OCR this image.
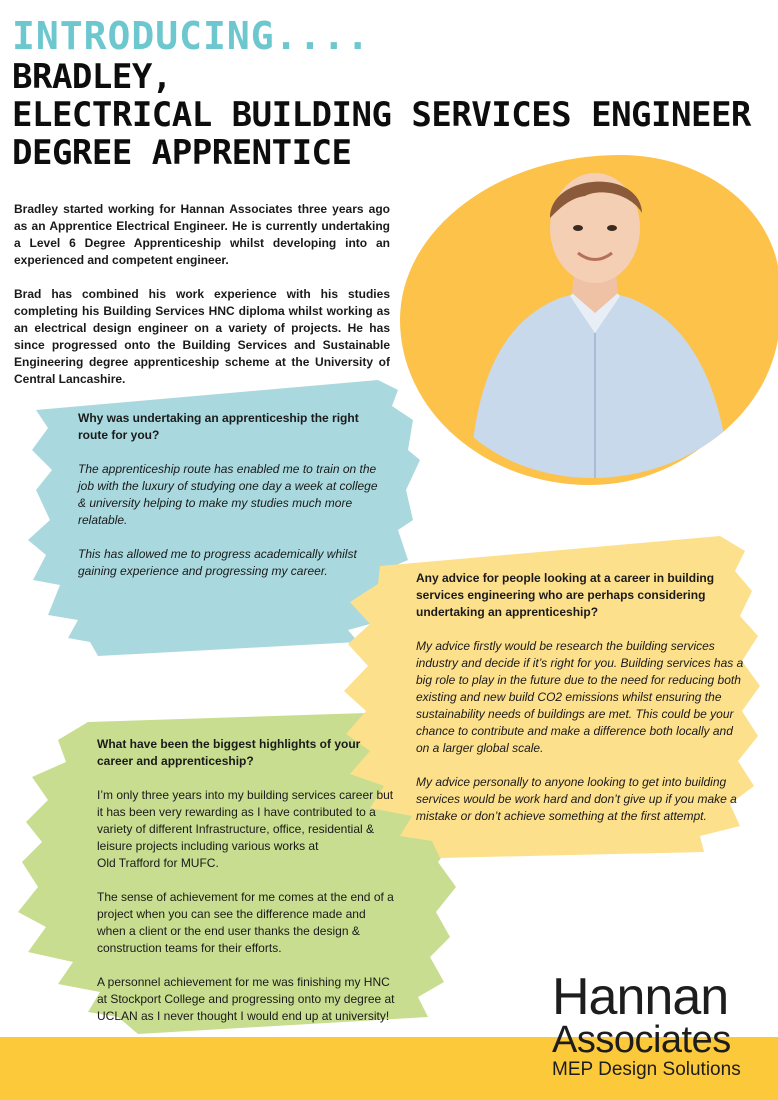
INTRODUCING....
BRADLEY,
ELECTRICAL BUILDING SERVICES ENGINEER
DEGREE APPRENTICE

Bradley started working for Hannan Associates three years ago as an Apprentice Electrical Engineer. He is currently undertaking a Level 6 Degree Apprenticeship whilst developing into an experienced and competent engineer.

Brad has combined his work experience with his studies completing his Building Services HNC diploma whilst working as an electrical design engineer on a variety of projects. He has since progressed onto the Building Services and Sustainable Engineering degree apprenticeship scheme at the University of Central Lancashire.

Why was undertaking an apprenticeship the right route for you?
The apprenticeship route has enabled me to train on the job with the luxury of studying one day a week at college & university helping to make my studies much more relatable.
This has allowed me to progress academically whilst gaining experience and progressing my career.	Any advice for people looking at a career in building services engineering who are perhaps considering undertaking an apprenticeship?
My advice firstly would be research the building services industry and decide if it’s right for you. Building services has a big role to play in the future due to the need for reducing both existing and new build CO2 emissions whilst ensuring the sustainability needs of buildings are met. This could be your chance to contribute and make a difference both locally and on a larger global scale.
My advice personally to anyone looking to get into building services would be work hard and don’t give up if you make a mistake or don’t achieve something at the first attempt.
What have been the biggest highlights of your career and apprenticeship?
I’m only three years into my building services career but it has been very rewarding as I have contributed to a variety of different Infrastructure, office, residential & leisure projects including various works at
Old Trafford for MUFC.
The sense of achievement for me comes at the end of a project when you can see the difference made and when a client or the end user thanks the design & construction teams for their efforts.
A personnel achievement for me was finishing my HNC at Stockport College and progressing onto my degree at UCLAN as I never thought I would end up at university!	Hannan
Associates
MEP Design Solutions
